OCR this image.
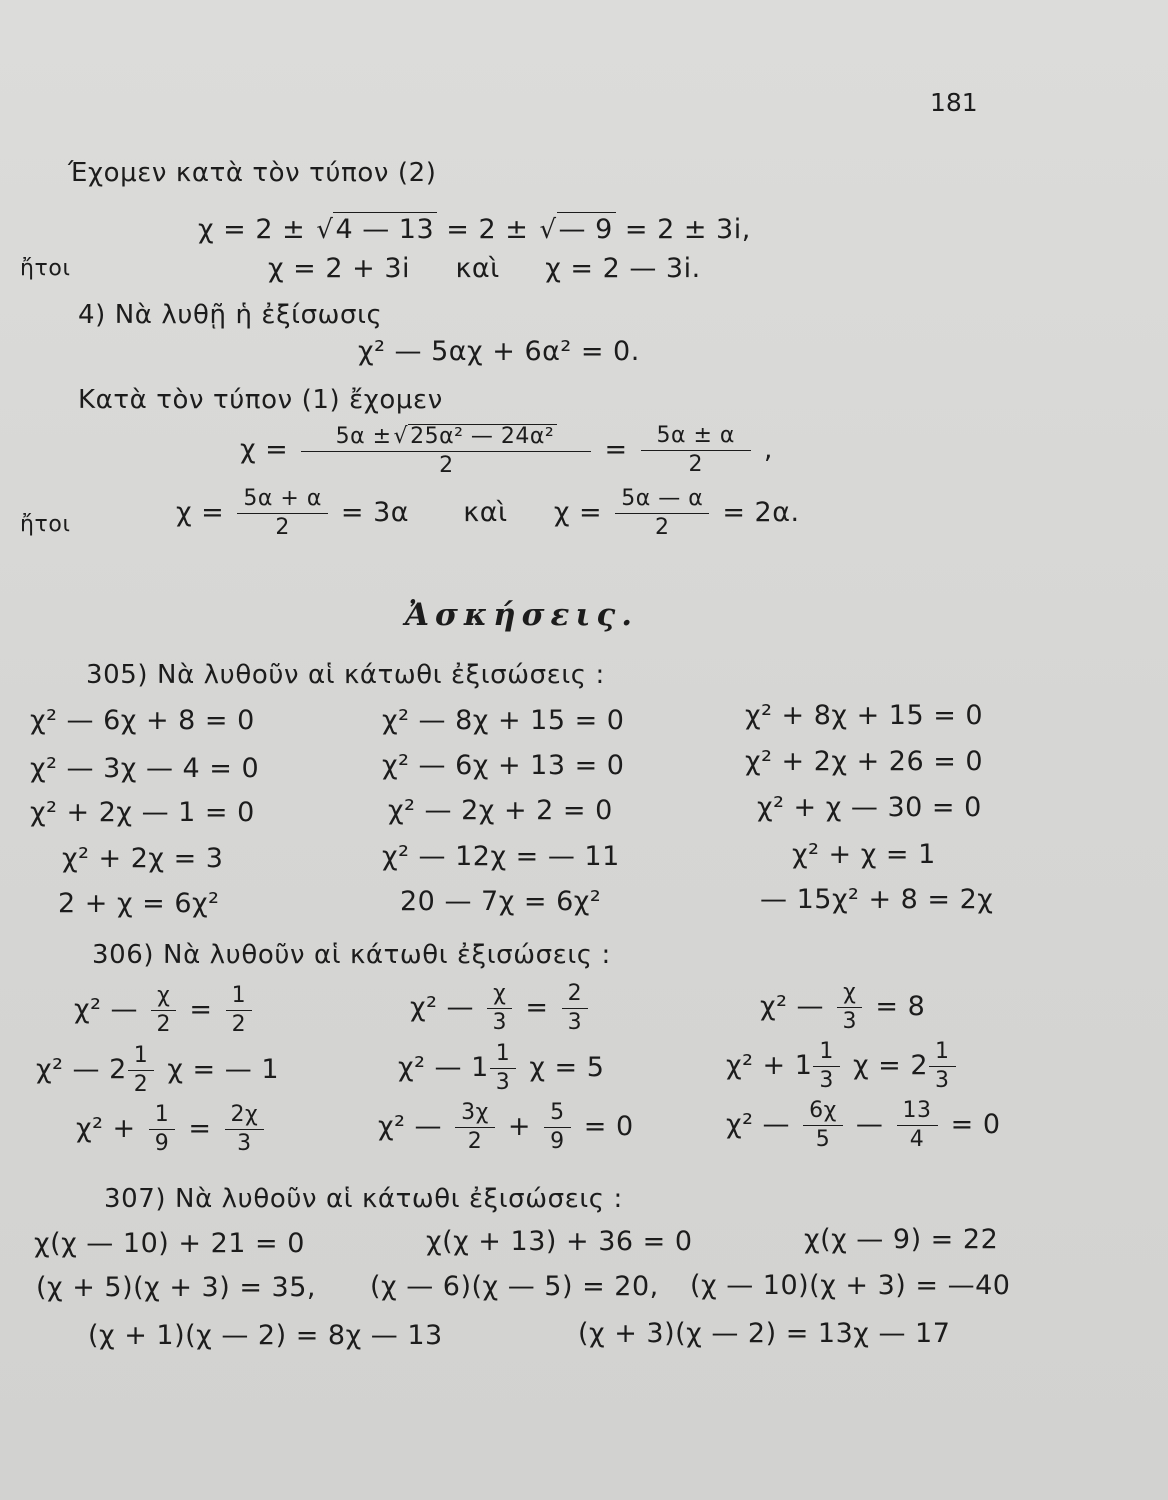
181
Έχομεν κατὰ τὸν τύπον (2)
χ = 2 ± √4 — 13 = 2 ± √— 9 = 2 ± 3i,
ἤτοι	χ = 2 + 3i     καὶ     χ = 2 — 3i.
4) Νὰ λυθῇ ἡ ἐξίσωσις
χ² — 5αχ + 6α² = 0.
Κατὰ τὸν τύπον (1) ἔχομεν
$\chi = \frac{\text{5α ±√25α² — 24α²}}{2} = \frac{5\alpha \pm \alpha}{2}$ ,
ἤτοι	$\chi = \frac{5\alpha + \alpha}{2} = 3\alpha$ καὶ $\chi = \frac{5\alpha — \alpha}{2} = 2\alpha$.
Ἀσκήσεις.
305) Νὰ λυθοῦν αἱ κάτωθι ἐξισώσεις :
χ² — 6χ + 8 = 0	χ² — 8χ + 15 = 0	χ² + 8χ + 15 = 0
χ² — 3χ — 4 = 0	χ² — 6χ + 13 = 0	χ² + 2χ + 26 = 0
χ² + 2χ — 1 = 0	χ² — 2χ + 2 = 0	χ² + χ — 30 = 0
χ² + 2χ = 3	χ² — 12χ = — 11	χ² + χ = 1
2 + χ = 6χ²	20 — 7χ = 6χ²	— 15χ² + 8 = 2χ
306) Νὰ λυθοῦν αἱ κάτωθι ἐξισώσεις :
χ² — $\frac{\chi}{2} = \frac{1}{2}$	χ² — $\frac{\chi}{3} = \frac{2}{3}$	χ² — $\frac{\chi}{3} = 8$
χ² — $2 \frac{1}{2}$ χ = — 1	χ² — $1 \frac{1}{3}$ χ = 5	$\chi^2 + 1 \frac{1}{3}$ $\chi = 2 \frac{1}{3}$
$\chi^2 + \frac{1}{9} = \frac{2\chi}{3}$	χ² — $\frac{3\chi}{2} + \frac{5}{9} = 0$	χ² — $\frac{6\chi}{5}$ — $\frac{13}{4} = 0$
307) Νὰ λυθοῦν αἱ κάτωθι ἐξισώσεις :
χ(χ — 10) + 21 = 0	χ(χ + 13) + 36 = 0	χ(χ — 9) = 22
(χ + 5)(χ + 3) = 35, (χ — 6)(χ — 5) = 20, (χ — 10)(χ + 3) = —40
(χ + 1)(χ — 2) = 8χ — 13	(χ + 3)(χ — 2) = 13χ — 17
